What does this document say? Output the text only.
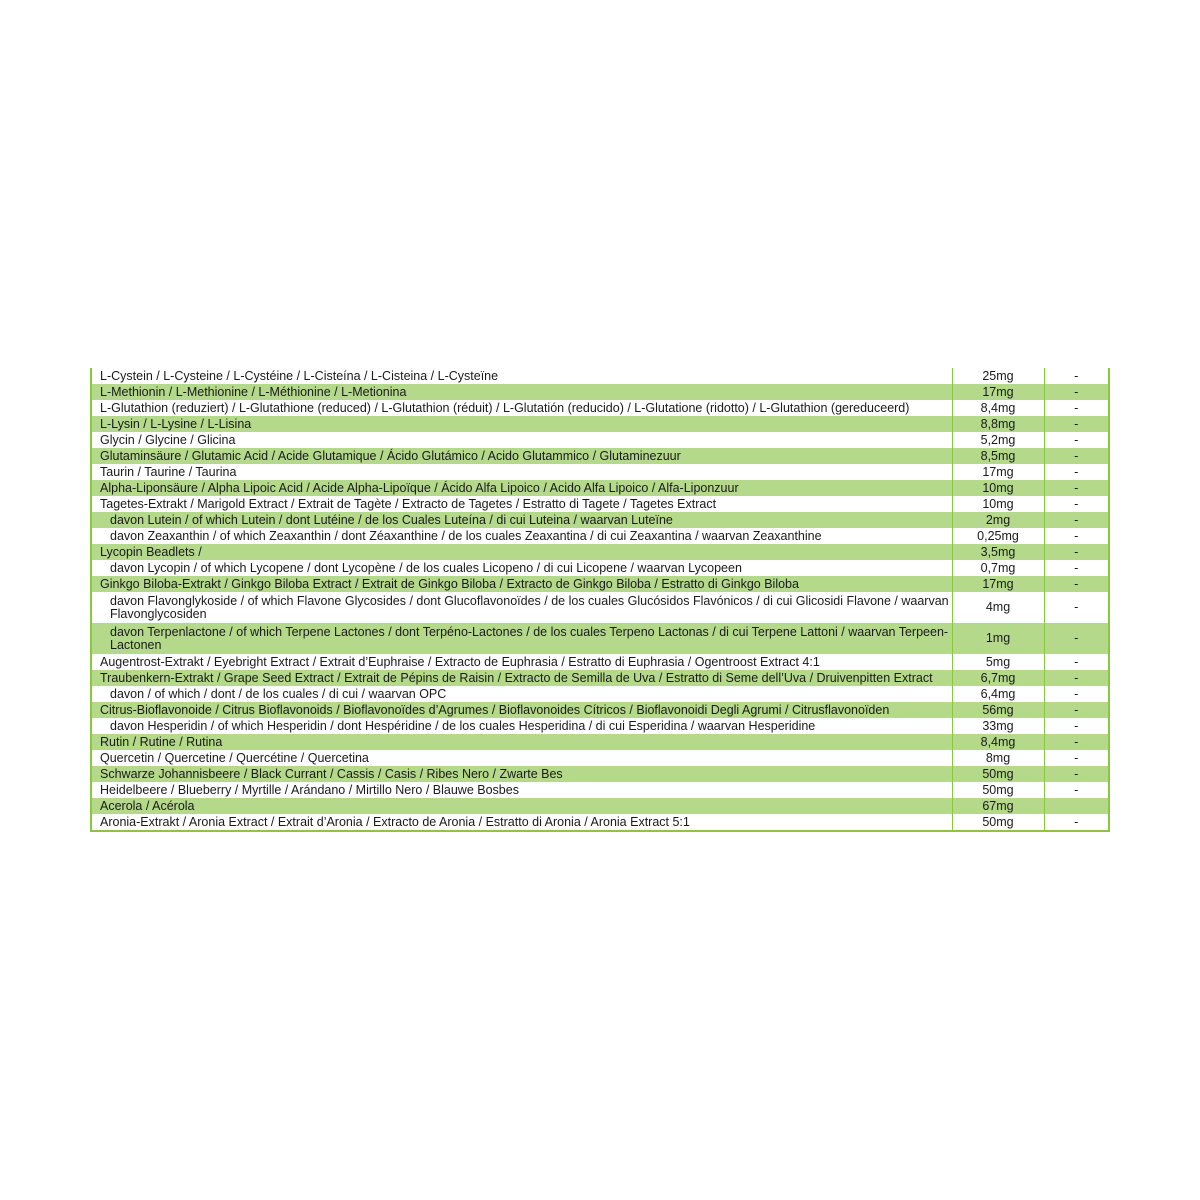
L-Cystein / L-Cysteine / L-Cystéine / L-Cisteína / L-Cisteina / L-Cysteïne	25mg	-
L-Methionin / L-Methionine / L-Méthionine / L-Metionina	17mg	-
L-Glutathion (reduziert) / L-Glutathione (reduced) / L-Glutathion (réduit) / L-Glutatión (reducido) / L-Glutatione (ridotto) / L-Glutathion (gereduceerd)	8,4mg	-
L-Lysin / L-Lysine / L-Lisina	8,8mg	-
Glycin / Glycine / Glicina	5,2mg	-
Glutaminsäure / Glutamic Acid / Acide Glutamique / Ácido Glutámico / Acido Glutammico / Glutaminezuur	8,5mg	-
Taurin / Taurine / Taurina	17mg	-
Alpha-Liponsäure / Alpha Lipoic Acid / Acide Alpha-Lipoïque / Ácido Alfa Lipoico / Acido Alfa Lipoico / Alfa-Liponzuur	10mg	-
Tagetes-Extrakt / Marigold Extract / Extrait de Tagète / Extracto de Tagetes / Estratto di Tagete / Tagetes Extract	10mg	-
davon Lutein / of which Lutein / dont Lutéine / de los Cuales Luteína / di cui Luteina / waarvan Luteïne	2mg	-
davon Zeaxanthin / of which Zeaxanthin / dont Zéaxanthine / de los cuales Zeaxantina / di cui Zeaxantina / waarvan Zeaxanthine	0,25mg	-
Lycopin Beadlets /	3,5mg	-
davon Lycopin / of which Lycopene / dont Lycopène / de los cuales Licopeno / di cui Licopene / waarvan Lycopeen	0,7mg	-
Ginkgo Biloba-Extrakt / Ginkgo Biloba Extract / Extrait de Ginkgo Biloba / Extracto de Ginkgo Biloba / Estratto di Ginkgo Biloba	17mg	-
davon Flavonglykoside / of which Flavone Glycosides / dont Glucoflavonoïdes / de los cuales Glucósidos Flavónicos / di cui Glicosidi Flavone / waarvan Flavonglycosiden	4mg	-
davon Terpenlactone / of which Terpene Lactones / dont Terpéno-Lactones / de los cuales Terpeno Lactonas / di cui Terpene Lattoni / waarvan Terpeen-Lactonen	1mg	-
Augentrost-Extrakt / Eyebright Extract / Extrait d’Euphraise / Extracto de Euphrasia / Estratto di Euphrasia / Ogentroost Extract 4:1	5mg	-
Traubenkern-Extrakt / Grape Seed Extract / Extrait de Pépins de Raisin / Extracto de Semilla de Uva / Estratto di Seme dell’Uva / Druivenpitten Extract	6,7mg	-
davon / of which / dont / de los cuales / di cui / waarvan OPC	6,4mg	-
Citrus-Bioflavonoide / Citrus Bioflavonoids / Bioflavonoïdes d’Agrumes / Bioflavonoides Cítricos / Bioflavonoidi Degli Agrumi / Citrusflavonoïden	56mg	-
davon Hesperidin / of which Hesperidin / dont Hespéridine / de los cuales Hesperidina / di cui Esperidina / waarvan Hesperidine	33mg	-
Rutin / Rutine / Rutina	8,4mg	-
Quercetin / Quercetine / Quercétine / Quercetina	8mg	-
Schwarze Johannisbeere / Black Currant / Cassis / Casis / Ribes Nero / Zwarte Bes	50mg	-
Heidelbeere / Blueberry / Myrtille / Arándano / Mirtillo Nero / Blauwe Bosbes	50mg	-
Acerola / Acérola	67mg	
Aronia-Extrakt / Aronia Extract / Extrait d’Aronia / Extracto de Aronia / Estratto di Aronia / Aronia Extract 5:1	50mg	-
